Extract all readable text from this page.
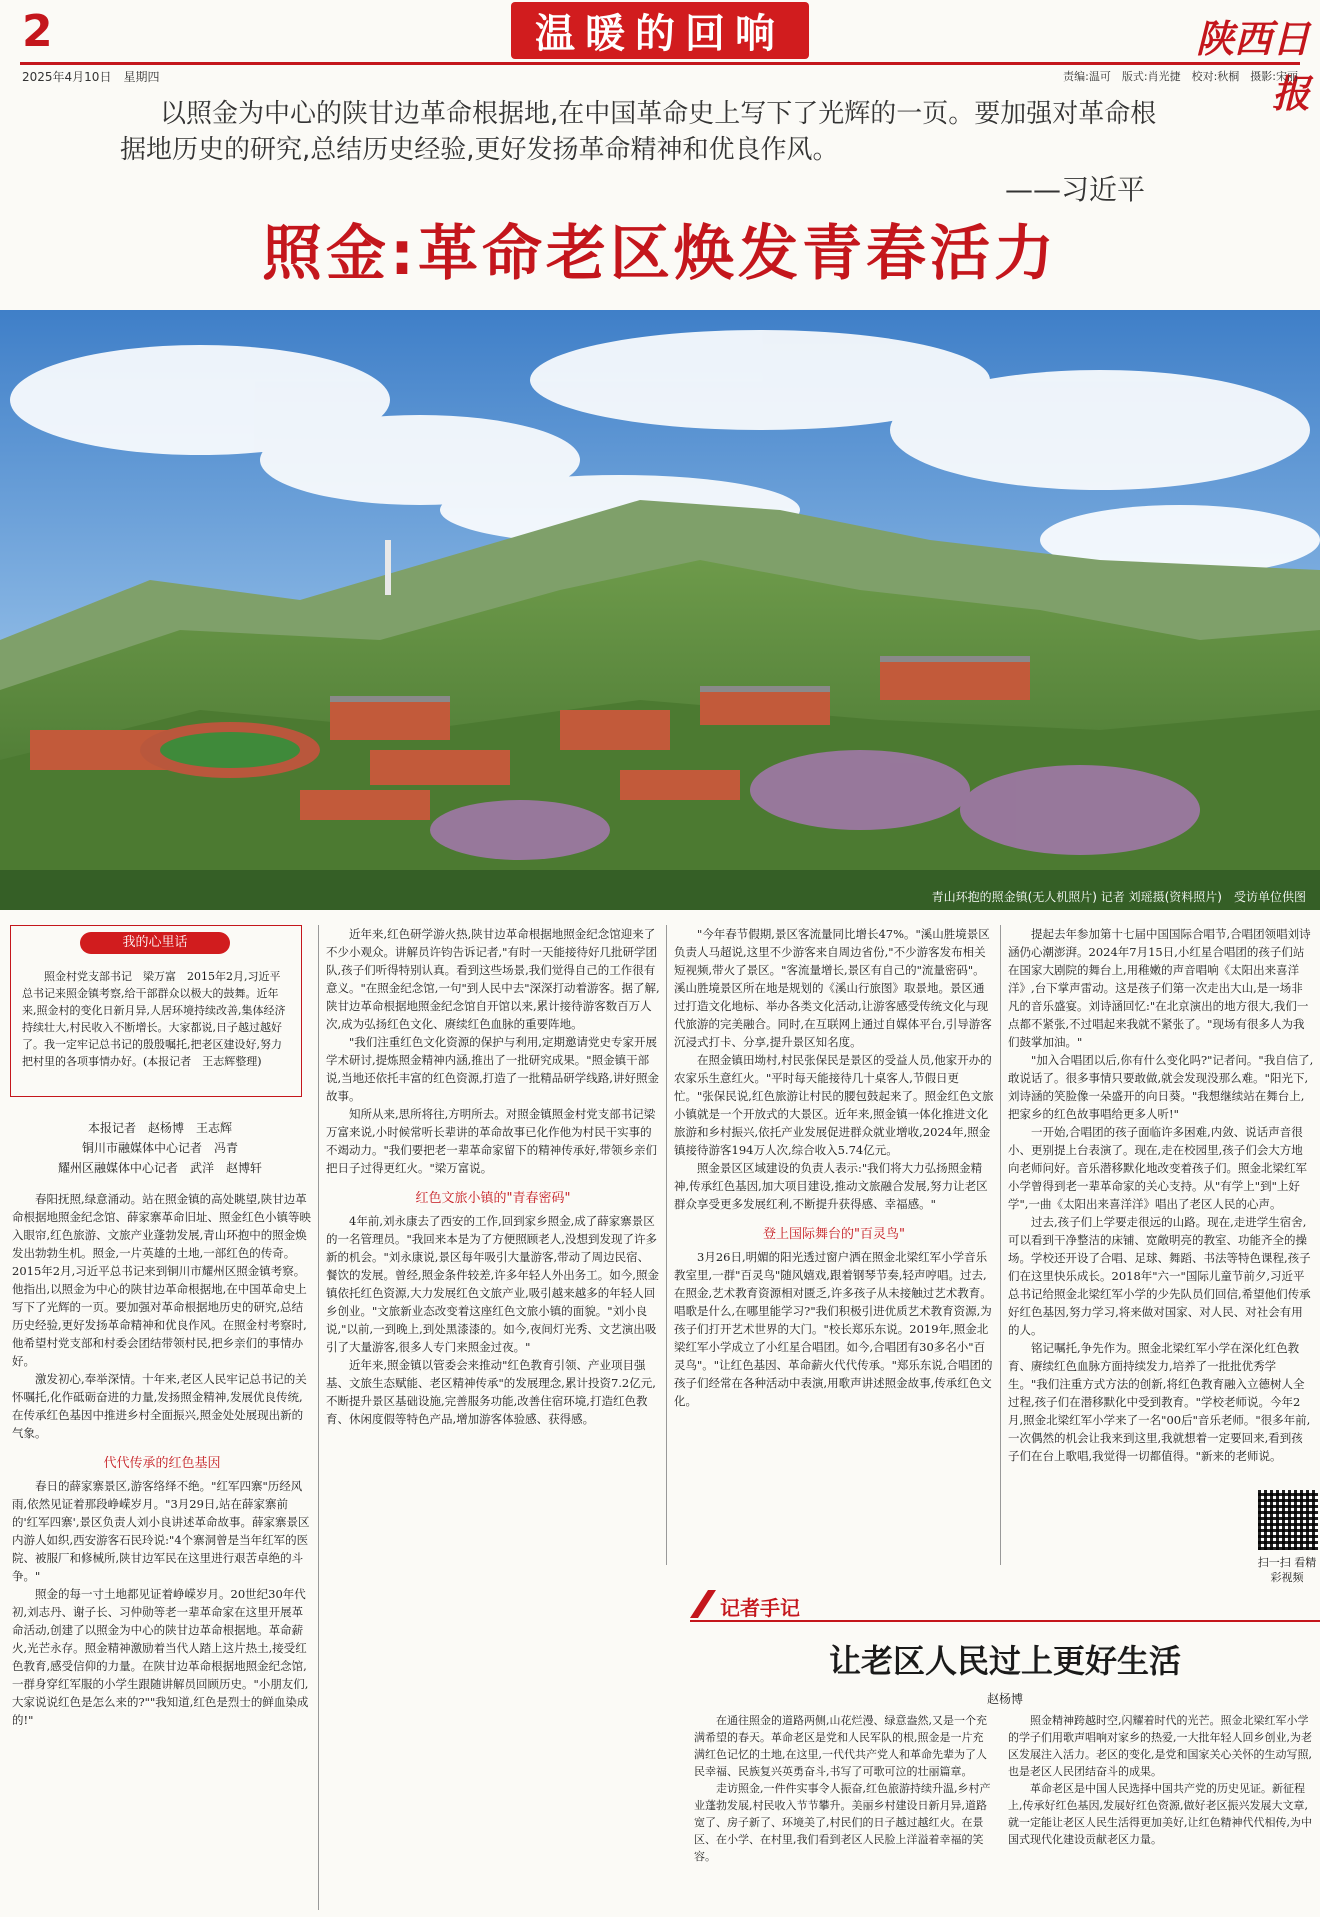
2	温暖的回响	陕西日报
2025年4月10日　星期四	责编:温可　版式:肖光捷　校对:秋桐　摄影:宋丽
以照金为中心的陕甘边革命根据地,在中国革命史上写下了光辉的一页。要加强对革命根据地历史的研究,总结历史经验,更好发扬革命精神和优良作风。
——习近平
照金:革命老区焕发青春活力
青山环抱的照金镇(无人机照片) 记者 刘瑶摄(资料照片)　 受访单位供图
我的心里话

照金村党支部书记　梁万富　2015年2月,习近平总书记来照金镇考察,给干部群众以极大的鼓舞。近年来,照金村的变化日新月异,人居环境持续改善,集体经济持续壮大,村民收入不断增长。大家都说,日子越过越好了。我一定牢记总书记的殷殷嘱托,把老区建设好,努力把村里的各项事情办好。(本报记者　王志辉整理)

本报记者　赵杨博　王志辉
铜川市融媒体中心记者　冯青
耀州区融媒体中心记者　武洋　赵博轩

春阳抚照,绿意涌动。站在照金镇的高处眺望,陕甘边革命根据地照金纪念馆、薛家寨革命旧址、照金红色小镇等映入眼帘,红色旅游、文旅产业蓬勃发展,青山环抱中的照金焕发出勃勃生机。照金,一片英雄的土地,一部红色的传奇。2015年2月,习近平总书记来到铜川市耀州区照金镇考察。他指出,以照金为中心的陕甘边革命根据地,在中国革命史上写下了光辉的一页。要加强对革命根据地历史的研究,总结历史经验,更好发扬革命精神和优良作风。在照金村考察时,他希望村党支部和村委会团结带领村民,把乡亲们的事情办好。

激发初心,奉举深情。十年来,老区人民牢记总书记的关怀嘱托,化作砥砺奋进的力量,发扬照金精神,发展优良传统,在传承红色基因中推进乡村全面振兴,照金处处展现出新的气象。

代代传承的红色基因

春日的薛家寨景区,游客络绎不绝。"红军四寨"历经风雨,依然见证着那段峥嵘岁月。"3月29日,站在薛家寨前的'红军四寨',景区负责人刘小良讲述革命故事。薛家寨景区内游人如织,西安游客石民玲说:"4个寨洞曾是当年红军的医院、被服厂和修械所,陕甘边军民在这里进行艰苦卓绝的斗争。"

照金的每一寸土地都见证着峥嵘岁月。20世纪30年代初,刘志丹、谢子长、习仲勋等老一辈革命家在这里开展革命活动,创建了以照金为中心的陕甘边革命根据地。革命薪火,光芒永存。照金精神激励着当代人踏上这片热土,接受红色教育,感受信仰的力量。在陕甘边革命根据地照金纪念馆,一群身穿红军服的小学生跟随讲解员回顾历史。"小朋友们,大家说说红色是怎么来的?""我知道,红色是烈士的鲜血染成的!"

近年来,红色研学游火热,陕甘边革命根据地照金纪念馆迎来了不少小观众。讲解员许钧告诉记者,"有时一天能接待好几批研学团队,孩子们听得特别认真。看到这些场景,我们觉得自己的工作很有意义。"在照金纪念馆,一句"到人民中去"深深打动着游客。据了解,陕甘边革命根据地照金纪念馆自开馆以来,累计接待游客数百万人次,成为弘扬红色文化、赓续红色血脉的重要阵地。

"我们注重红色文化资源的保护与利用,定期邀请党史专家开展学术研讨,提炼照金精神内涵,推出了一批研究成果。"照金镇干部说,当地还依托丰富的红色资源,打造了一批精品研学线路,讲好照金故事。

知所从来,思所将往,方明所去。对照金镇照金村党支部书记梁万富来说,小时候常听长辈讲的革命故事已化作他为村民干实事的不竭动力。"我们要把老一辈革命家留下的精神传承好,带领乡亲们把日子过得更红火。"梁万富说。

红色文旅小镇的"青春密码"

4年前,刘永康去了西安的工作,回到家乡照金,成了薛家寨景区的一名管理员。"我回来本是为了方便照顾老人,没想到发现了许多新的机会。"刘永康说,景区每年吸引大量游客,带动了周边民宿、餐饮的发展。曾经,照金条件较差,许多年轻人外出务工。如今,照金镇依托红色资源,大力发展红色文旅产业,吸引越来越多的年轻人回乡创业。"文旅新业态改变着这座红色文旅小镇的面貌。"刘小良说,"以前,一到晚上,到处黑漆漆的。如今,夜间灯光秀、文艺演出吸引了大量游客,很多人专门来照金过夜。"

近年来,照金镇以管委会来推动"红色教育引领、产业项目强基、文旅生态赋能、老区精神传承"的发展理念,累计投资7.2亿元,不断提升景区基础设施,完善服务功能,改善住宿环境,打造红色教育、休闲度假等特色产品,增加游客体验感、获得感。

"今年春节假期,景区客流量同比增长47%。"溪山胜境景区负责人马超说,这里不少游客来自周边省份,"不少游客发布相关短视频,带火了景区。"客流量增长,景区有自己的"流量密码"。溪山胜境景区所在地是规划的《溪山行旅图》取景地。景区通过打造文化地标、举办各类文化活动,让游客感受传统文化与现代旅游的完美融合。同时,在互联网上通过自媒体平台,引导游客沉浸式打卡、分享,提升景区知名度。

在照金镇田坳村,村民张保民是景区的受益人员,他家开办的农家乐生意红火。"平时每天能接待几十桌客人,节假日更忙。"张保民说,红色旅游让村民的腰包鼓起来了。照金红色文旅小镇就是一个开放式的大景区。近年来,照金镇一体化推进文化旅游和乡村振兴,依托产业发展促进群众就业增收,2024年,照金镇接待游客194万人次,综合收入5.74亿元。

照金景区区域建设的负责人表示:"我们将大力弘扬照金精神,传承红色基因,加大项目建设,推动文旅融合发展,努力让老区群众享受更多发展红利,不断提升获得感、幸福感。"

登上国际舞台的"百灵鸟"

3月26日,明媚的阳光透过窗户洒在照金北梁红军小学音乐教室里,一群"百灵鸟"随风嬉戏,跟着钢琴节奏,轻声哼唱。过去,在照金,艺术教育资源相对匮乏,许多孩子从未接触过艺术教育。唱歌是什么,在哪里能学习?"我们积极引进优质艺术教育资源,为孩子们打开艺术世界的大门。"校长郑乐东说。2019年,照金北梁红军小学成立了小红星合唱团。如今,合唱团有30多名小"百灵鸟"。"让红色基因、革命薪火代代传承。"郑乐东说,合唱团的孩子们经常在各种活动中表演,用歌声讲述照金故事,传承红色文化。

提起去年参加第十七届中国国际合唱节,合唱团领唱刘诗涵仍心潮澎湃。2024年7月15日,小红星合唱团的孩子们站在国家大剧院的舞台上,用稚嫩的声音唱响《太阳出来喜洋洋》,台下掌声雷动。这是孩子们第一次走出大山,是一场非凡的音乐盛宴。刘诗涵回忆:"在北京演出的地方很大,我们一点都不紧张,不过唱起来我就不紧张了。"现场有很多人为我们鼓掌加油。"

"加入合唱团以后,你有什么变化吗?"记者问。"我自信了,敢说话了。很多事情只要敢做,就会发现没那么难。"阳光下,刘诗涵的笑脸像一朵盛开的向日葵。"我想继续站在舞台上,把家乡的红色故事唱给更多人听!"

一开始,合唱团的孩子面临许多困难,内敛、说话声音很小、更别提上台表演了。现在,走在校园里,孩子们会大方地向老师问好。音乐潜移默化地改变着孩子们。照金北梁红军小学曾得到老一辈革命家的关心支持。从"有学上"到"上好学",一曲《太阳出来喜洋洋》唱出了老区人民的心声。

过去,孩子们上学要走很远的山路。现在,走进学生宿舍,可以看到干净整洁的床铺、宽敞明亮的教室、功能齐全的操场。学校还开设了合唱、足球、舞蹈、书法等特色课程,孩子们在这里快乐成长。2018年"六一"国际儿童节前夕,习近平总书记给照金北梁红军小学的少先队员们回信,希望他们传承好红色基因,努力学习,将来做对国家、对人民、对社会有用的人。

铭记嘱托,争先作为。照金北梁红军小学在深化红色教育、赓续红色血脉方面持续发力,培养了一批批优秀学生。"我们注重方式方法的创新,将红色教育融入立德树人全过程,孩子们在潜移默化中受到教育。"学校老师说。今年2月,照金北梁红军小学来了一名"00后"音乐老师。"很多年前,一次偶然的机会让我来到这里,我就想着一定要回来,看到孩子们在台上歌唱,我觉得一切都值得。"新来的老师说。

扫一扫 看精彩视频
记者手记
让老区人民过上更好生活
赵杨博

在通往照金的道路两侧,山花烂漫、绿意盎然,又是一个充满希望的春天。革命老区是党和人民军队的根,照金是一片充满红色记忆的土地,在这里,一代代共产党人和革命先辈为了人民幸福、民族复兴英勇奋斗,书写了可歌可泣的壮丽篇章。

走访照金,一件件实事令人振奋,红色旅游持续升温,乡村产业蓬勃发展,村民收入节节攀升。美丽乡村建设日新月异,道路宽了、房子新了、环境美了,村民们的日子越过越红火。在景区、在小学、在村里,我们看到老区人民脸上洋溢着幸福的笑容。

照金精神跨越时空,闪耀着时代的光芒。照金北梁红军小学的学子们用歌声唱响对家乡的热爱,一大批年轻人回乡创业,为老区发展注入活力。老区的变化,是党和国家关心关怀的生动写照,也是老区人民团结奋斗的成果。

革命老区是中国人民选择中国共产党的历史见证。新征程上,传承好红色基因,发展好红色资源,做好老区振兴发展大文章,就一定能让老区人民生活得更加美好,让红色精神代代相传,为中国式现代化建设贡献老区力量。
